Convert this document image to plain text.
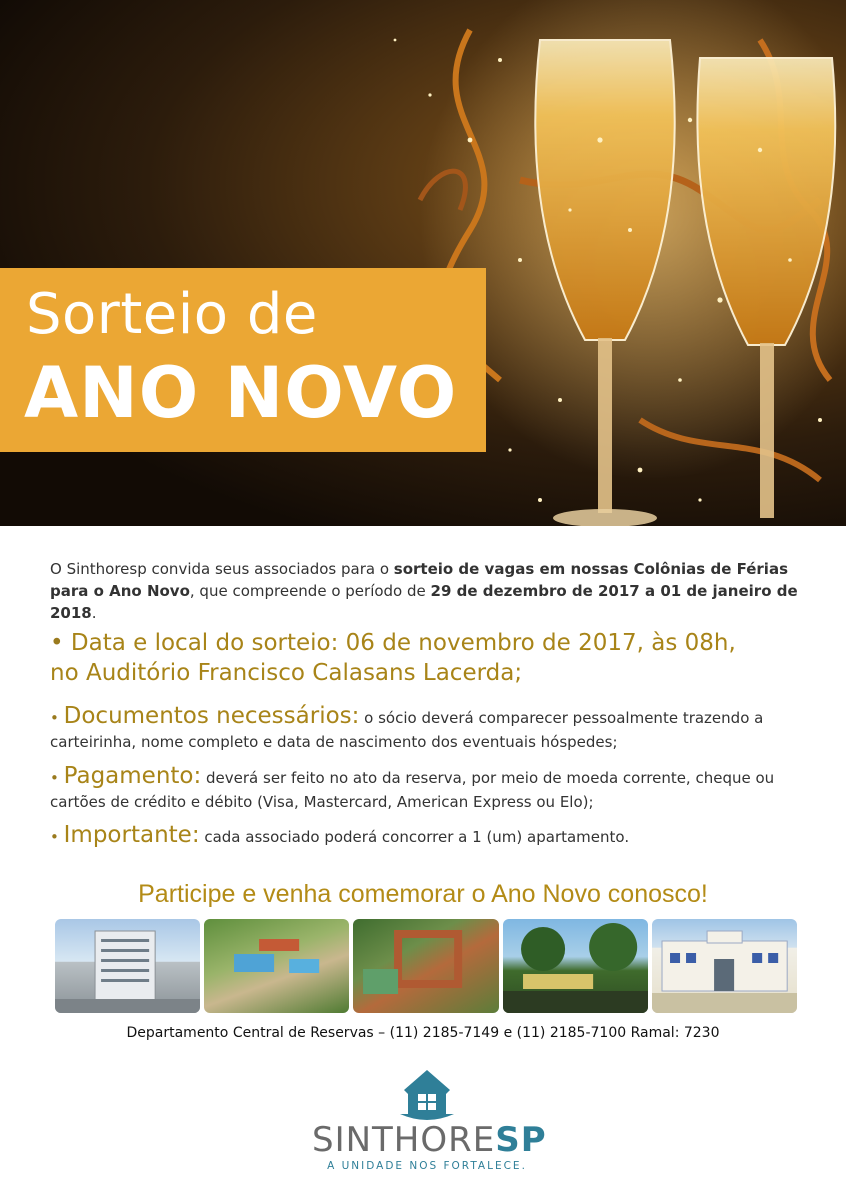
Sorteio de
ANO NOVO

O Sinthoresp convida seus associados para o sorteio de vagas em nossas Colônias de Férias para o Ano Novo, que compreende o período de 29 de dezembro de 2017 a 01 de janeiro de 2018.

• Data e local do sorteio: 06 de novembro de 2017, às 08h,
no Auditório Francisco Calasans Lacerda;

• Documentos necessários: o sócio deverá comparecer pessoalmente trazendo a carteirinha, nome completo e data de nascimento dos eventuais hóspedes;

• Pagamento: deverá ser feito no ato da reserva, por meio de moeda corrente, cheque ou cartões de crédito e débito (Visa, Mastercard, American Express ou Elo);

• Importante: cada associado poderá concorrer a 1 (um) apartamento.

Participe e venha comemorar o Ano Novo conosco!
Departamento Central de Reservas – (11) 2185-7149 e (11) 2185-7100 Ramal: 7230
SINTHORESP
A UNIDADE NOS FORTALECE.
